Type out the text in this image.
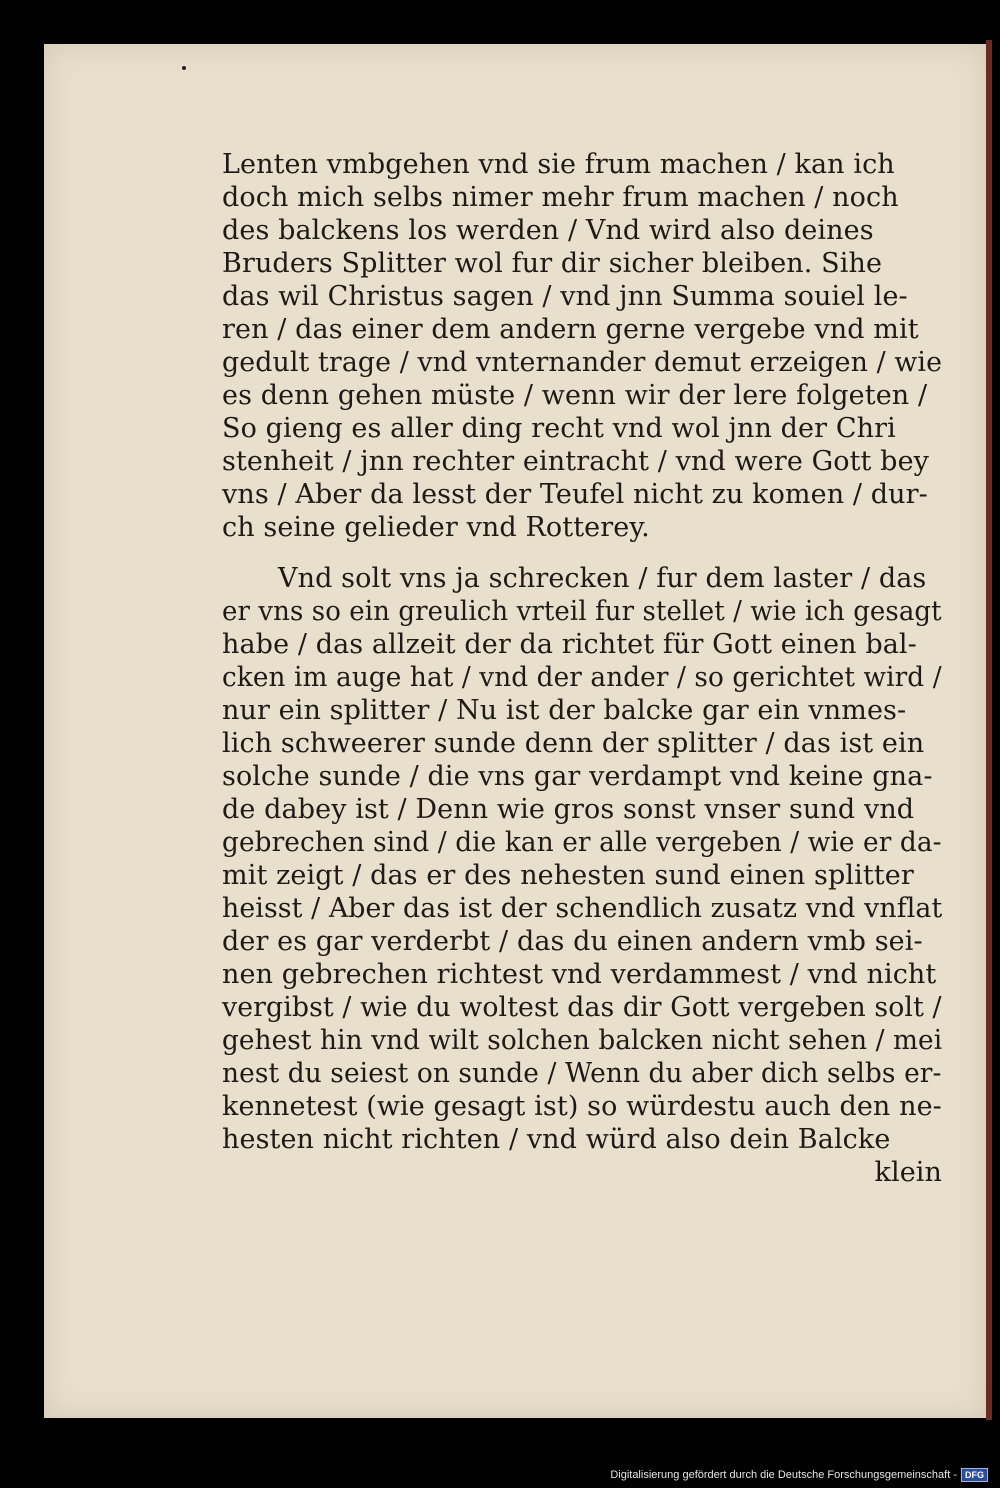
Lenten vmbgehen vnd sie frum machen / kan ich
doch mich selbs nimer mehr frum machen / noch
des balckens los werden / Vnd wird also deines
Bruders Splitter wol fur dir sicher bleiben. Sihe
das wil Christus sagen / vnd jnn Summa souiel le-
ren / das einer dem andern gerne vergebe vnd mit
gedult trage / vnd vnternander demut erzeigen / wie
es denn gehen müste / wenn wir der lere folgeten /
So gieng es aller ding recht vnd wol jnn der Chri
stenheit / jnn rechter eintracht / vnd were Gott bey
vns / Aber da lesst der Teufel nicht zu komen / dur-
ch seine gelieder vnd Rotterey.
Vnd solt vns ja schrecken / fur dem laster / das
er vns so ein greulich vrteil fur stellet / wie ich gesagt
habe / das allzeit der da richtet für Gott einen bal-
cken im auge hat / vnd der ander / so gerichtet wird /
nur ein splitter / Nu ist der balcke gar ein vnmes-
lich schweerer sunde denn der splitter / das ist ein
solche sunde / die vns gar verdampt vnd keine gna-
de dabey ist / Denn wie gros sonst vnser sund vnd
gebrechen sind / die kan er alle vergeben / wie er da-
mit zeigt / das er des nehesten sund einen splitter
heisst / Aber das ist der schendlich zusatz vnd vnflat
der es gar verderbt / das du einen andern vmb sei-
nen gebrechen richtest vnd verdammest / vnd nicht
vergibst / wie du woltest das dir Gott vergeben solt /
gehest hin vnd wilt solchen balcken nicht sehen / mei
nest du seiest on sunde / Wenn du aber dich selbs er-
kennetest (wie gesagt ist) so würdestu auch den ne-
hesten nicht richten / vnd würd also dein Balcke
klein
Digitalisierung gefördert durch die Deutsche Forschungsgemeinschaft - DFG
